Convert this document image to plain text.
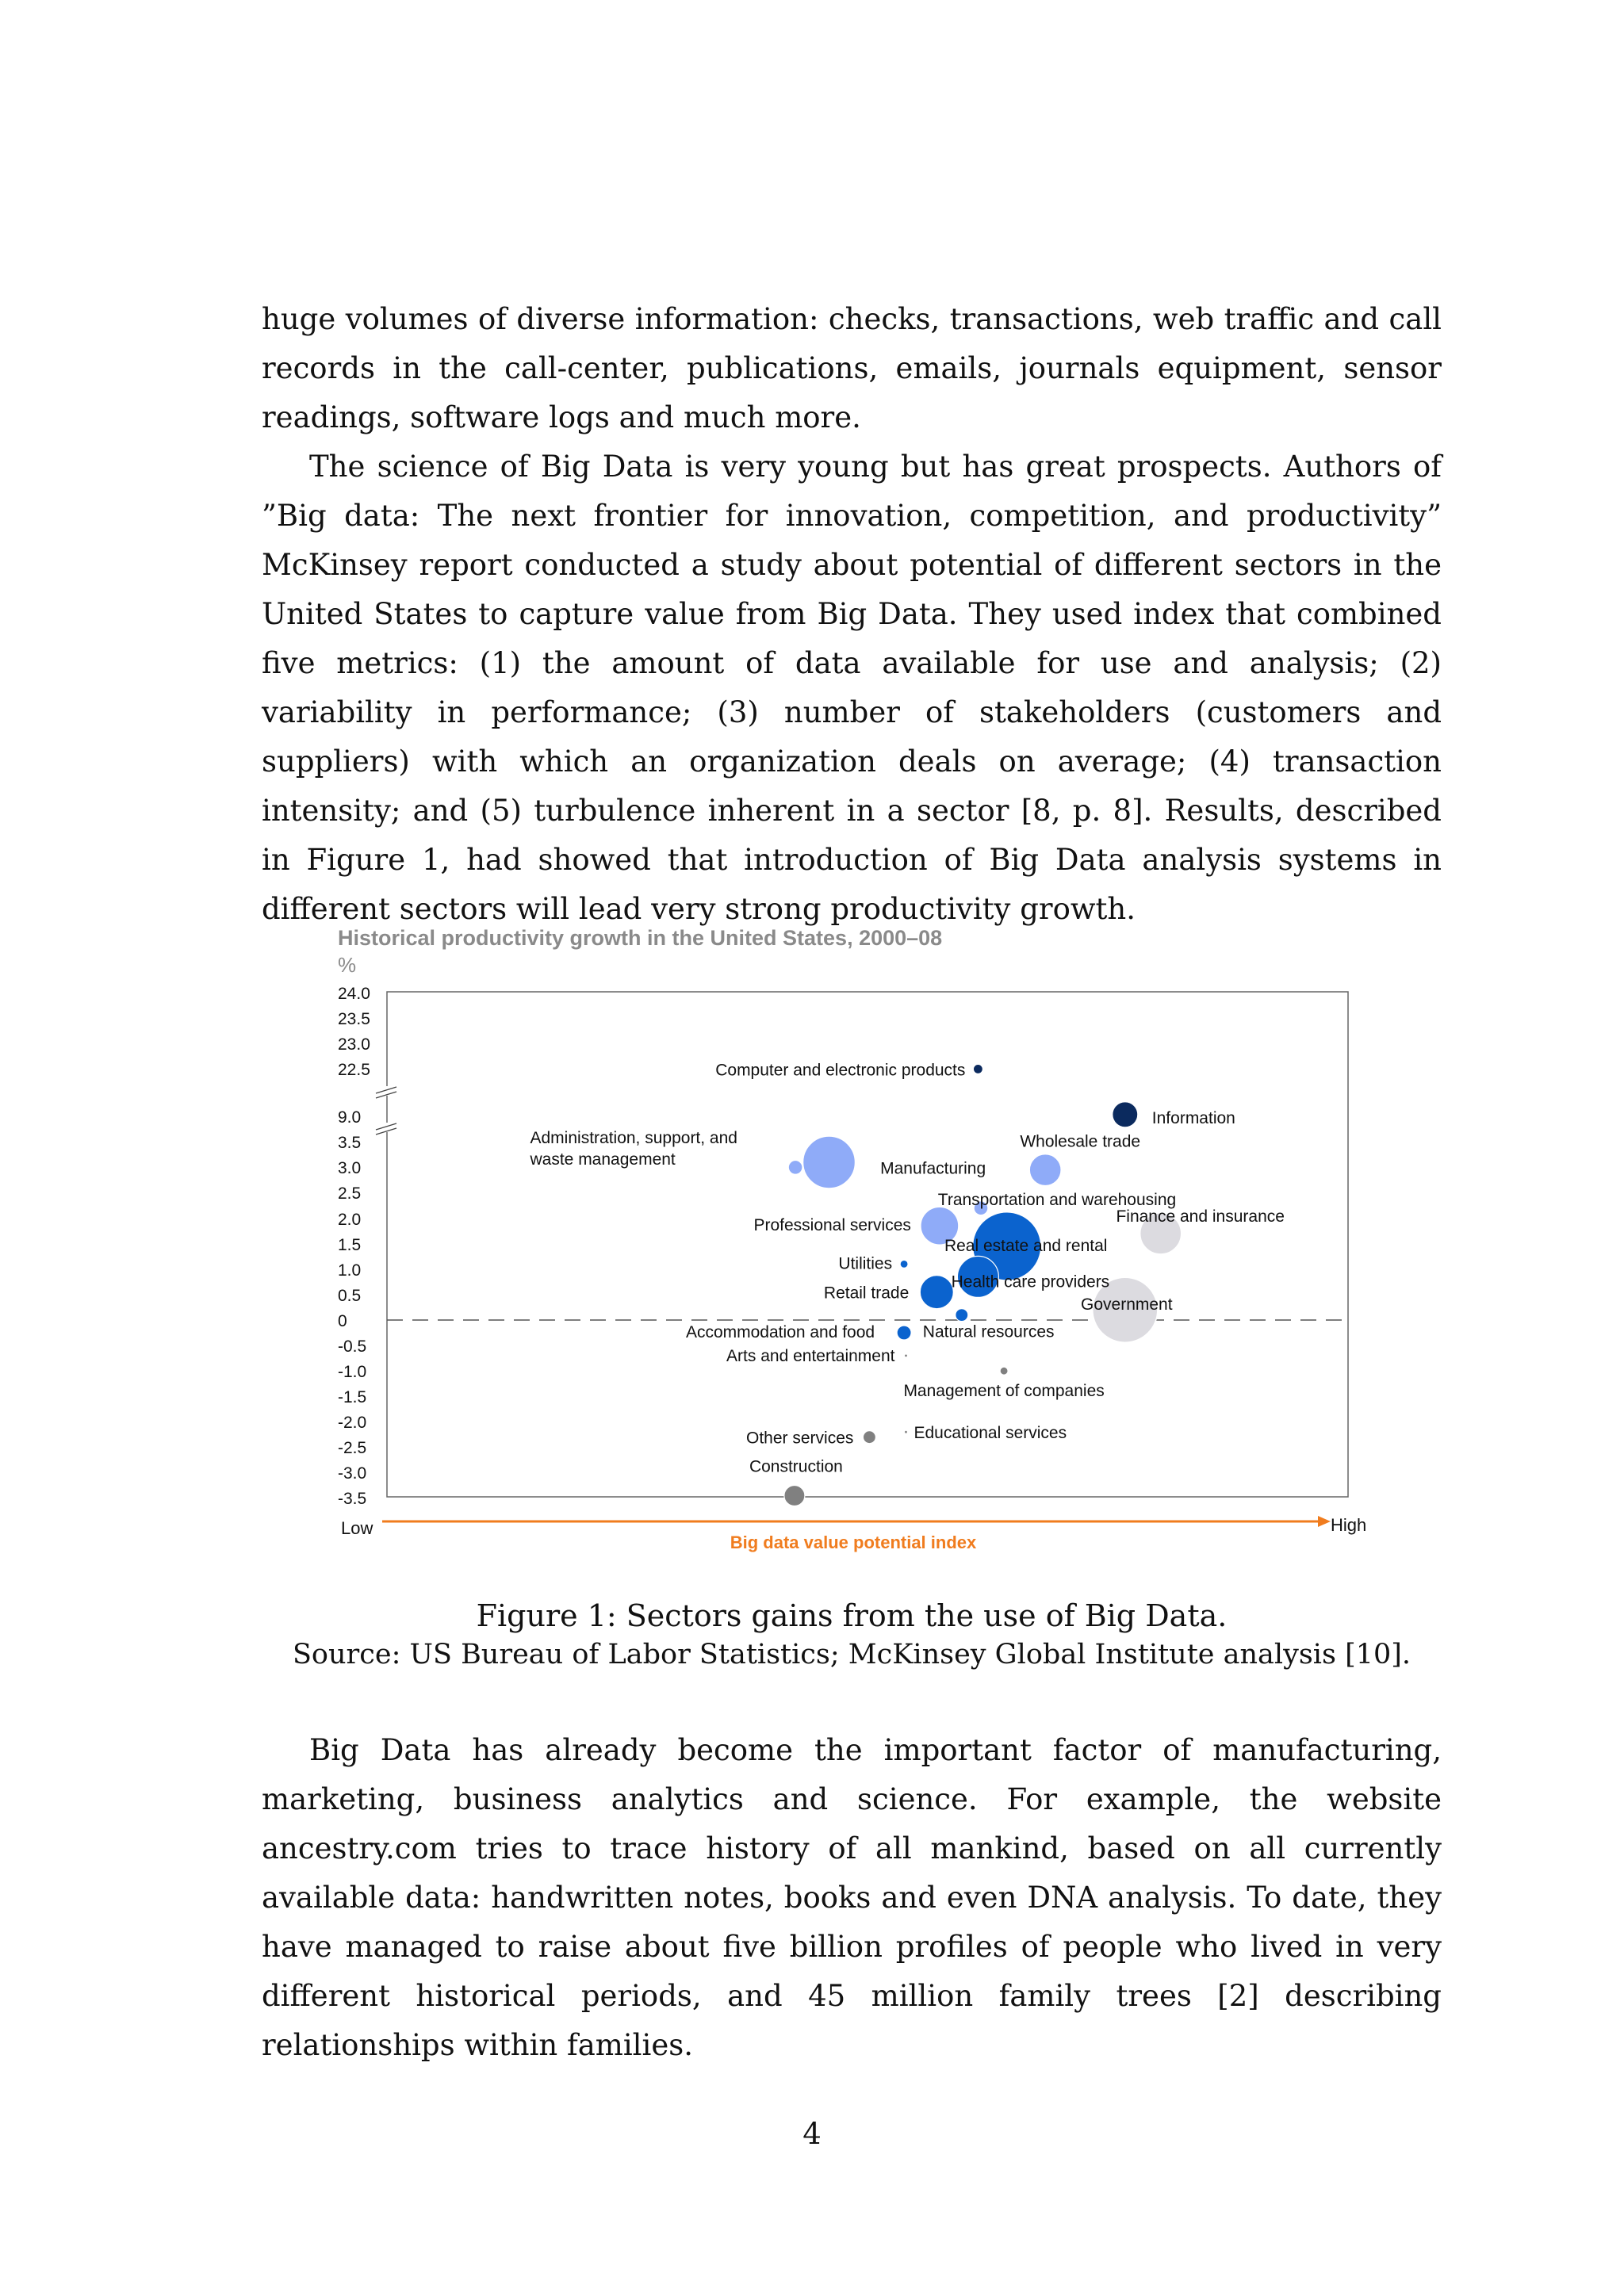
huge volumes of diverse information: checks, transactions, web traffic and call records in the call-center, publications, emails, journals equipment, sensor readings, software logs and much more.

The science of Big Data is very young but has great prospects. Authors of ”Big data: The next frontier for innovation, competition, and productivity” McKinsey report conducted a study about potential of different sectors in the United States to capture value from Big Data. They used index that combined five metrics: (1) the amount of data available for use and analysis; (2) variability in performance; (3) number of stakeholders (customers and suppliers) with which an organization deals on average; (4) transaction intensity; and (5) turbulence inherent in a sector [8, p. 8]. Results, described in Figure 1, had showed that introduction of Big Data analysis systems in different sectors will lead very strong productivity growth.

Historical productivity growth in the United States, 2000–08
%
24.0
23.5
23.0
22.5
9.0
3.5
3.0
2.5
2.0
1.5
1.0
0.5
0
-0.5
-1.0
-1.5
-2.0
-2.5
-3.0
-3.5
Computer and electronic products
Information
Administration, support, and waste management	Manufacturing
Wholesale trade
Transportation and warehousing
Finance and insurance
Professional services
Real estate and rental
Utilities
Health care providers
Retail trade
Government
Natural resources
Accommodation and food
Arts and entertainment
Management of companies
Educational services
Other services
Construction
Low	High
Big data value potential index
Figure 1: Sectors gains from the use of Big Data.
Source: US Bureau of Labor Statistics; McKinsey Global Institute analysis [10].

Big Data has already become the important factor of manufacturing, marketing, business analytics and science. For example, the website ancestry.com tries to trace history of all mankind, based on all currently available data: handwritten notes, books and even DNA analysis. To date, they have managed to raise about five billion profiles of people who lived in very different historical periods, and 45 million family trees [2] describing relationships within families.

4
